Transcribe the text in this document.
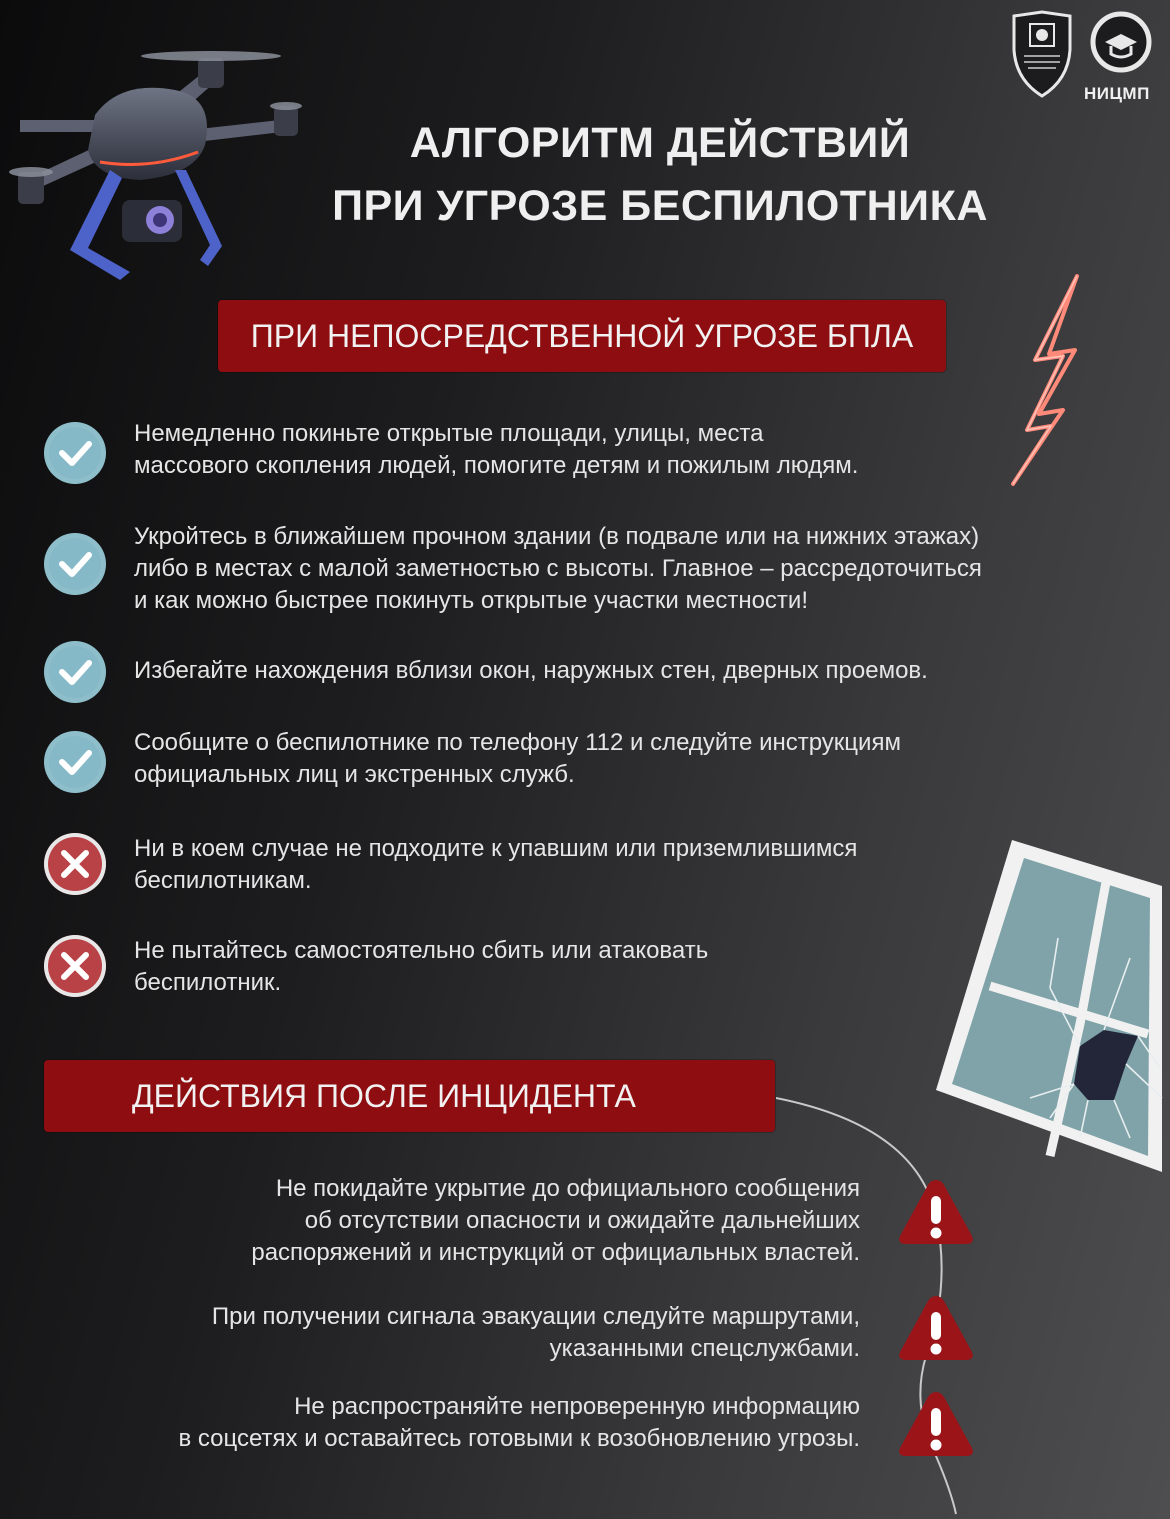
НИЦМП
АЛГОРИТМ ДЕЙСТВИЙ
ПРИ УГРОЗЕ БЕСПИЛОТНИКА
ПРИ НЕПОСРЕДСТВЕННОЙ УГРОЗЕ БПЛА
Немедленно покиньте открытые площади, улицы, места
массового скопления людей, помогите детям и пожилым людям.
Укройтесь в ближайшем прочном здании (в подвале или на нижних этажах)
либо в местах с малой заметностью с высоты. Главное – рассредоточиться
и как можно быстрее покинуть открытые участки местности!
Избегайте нахождения вблизи окон, наружных стен, дверных проемов.
Сообщите о беспилотнике по телефону 112 и следуйте инструкциям
официальных лиц и экстренных служб.
Ни в коем случае не подходите к упавшим или приземлившимся
беспилотникам.
Не пытайтесь самостоятельно сбить или атаковать
беспилотник.
ДЕЙСТВИЯ ПОСЛЕ ИНЦИДЕНТА
Не покидайте укрытие до официального сообщения
об отсутствии опасности и ожидайте дальнейших
распоряжений и инструкций от официальных властей.
При получении сигнала эвакуации следуйте маршрутами,
указанными спецслужбами.
Не распространяйте непроверенную информацию
в соцсетях и оставайтесь готовыми к возобновлению угрозы.
